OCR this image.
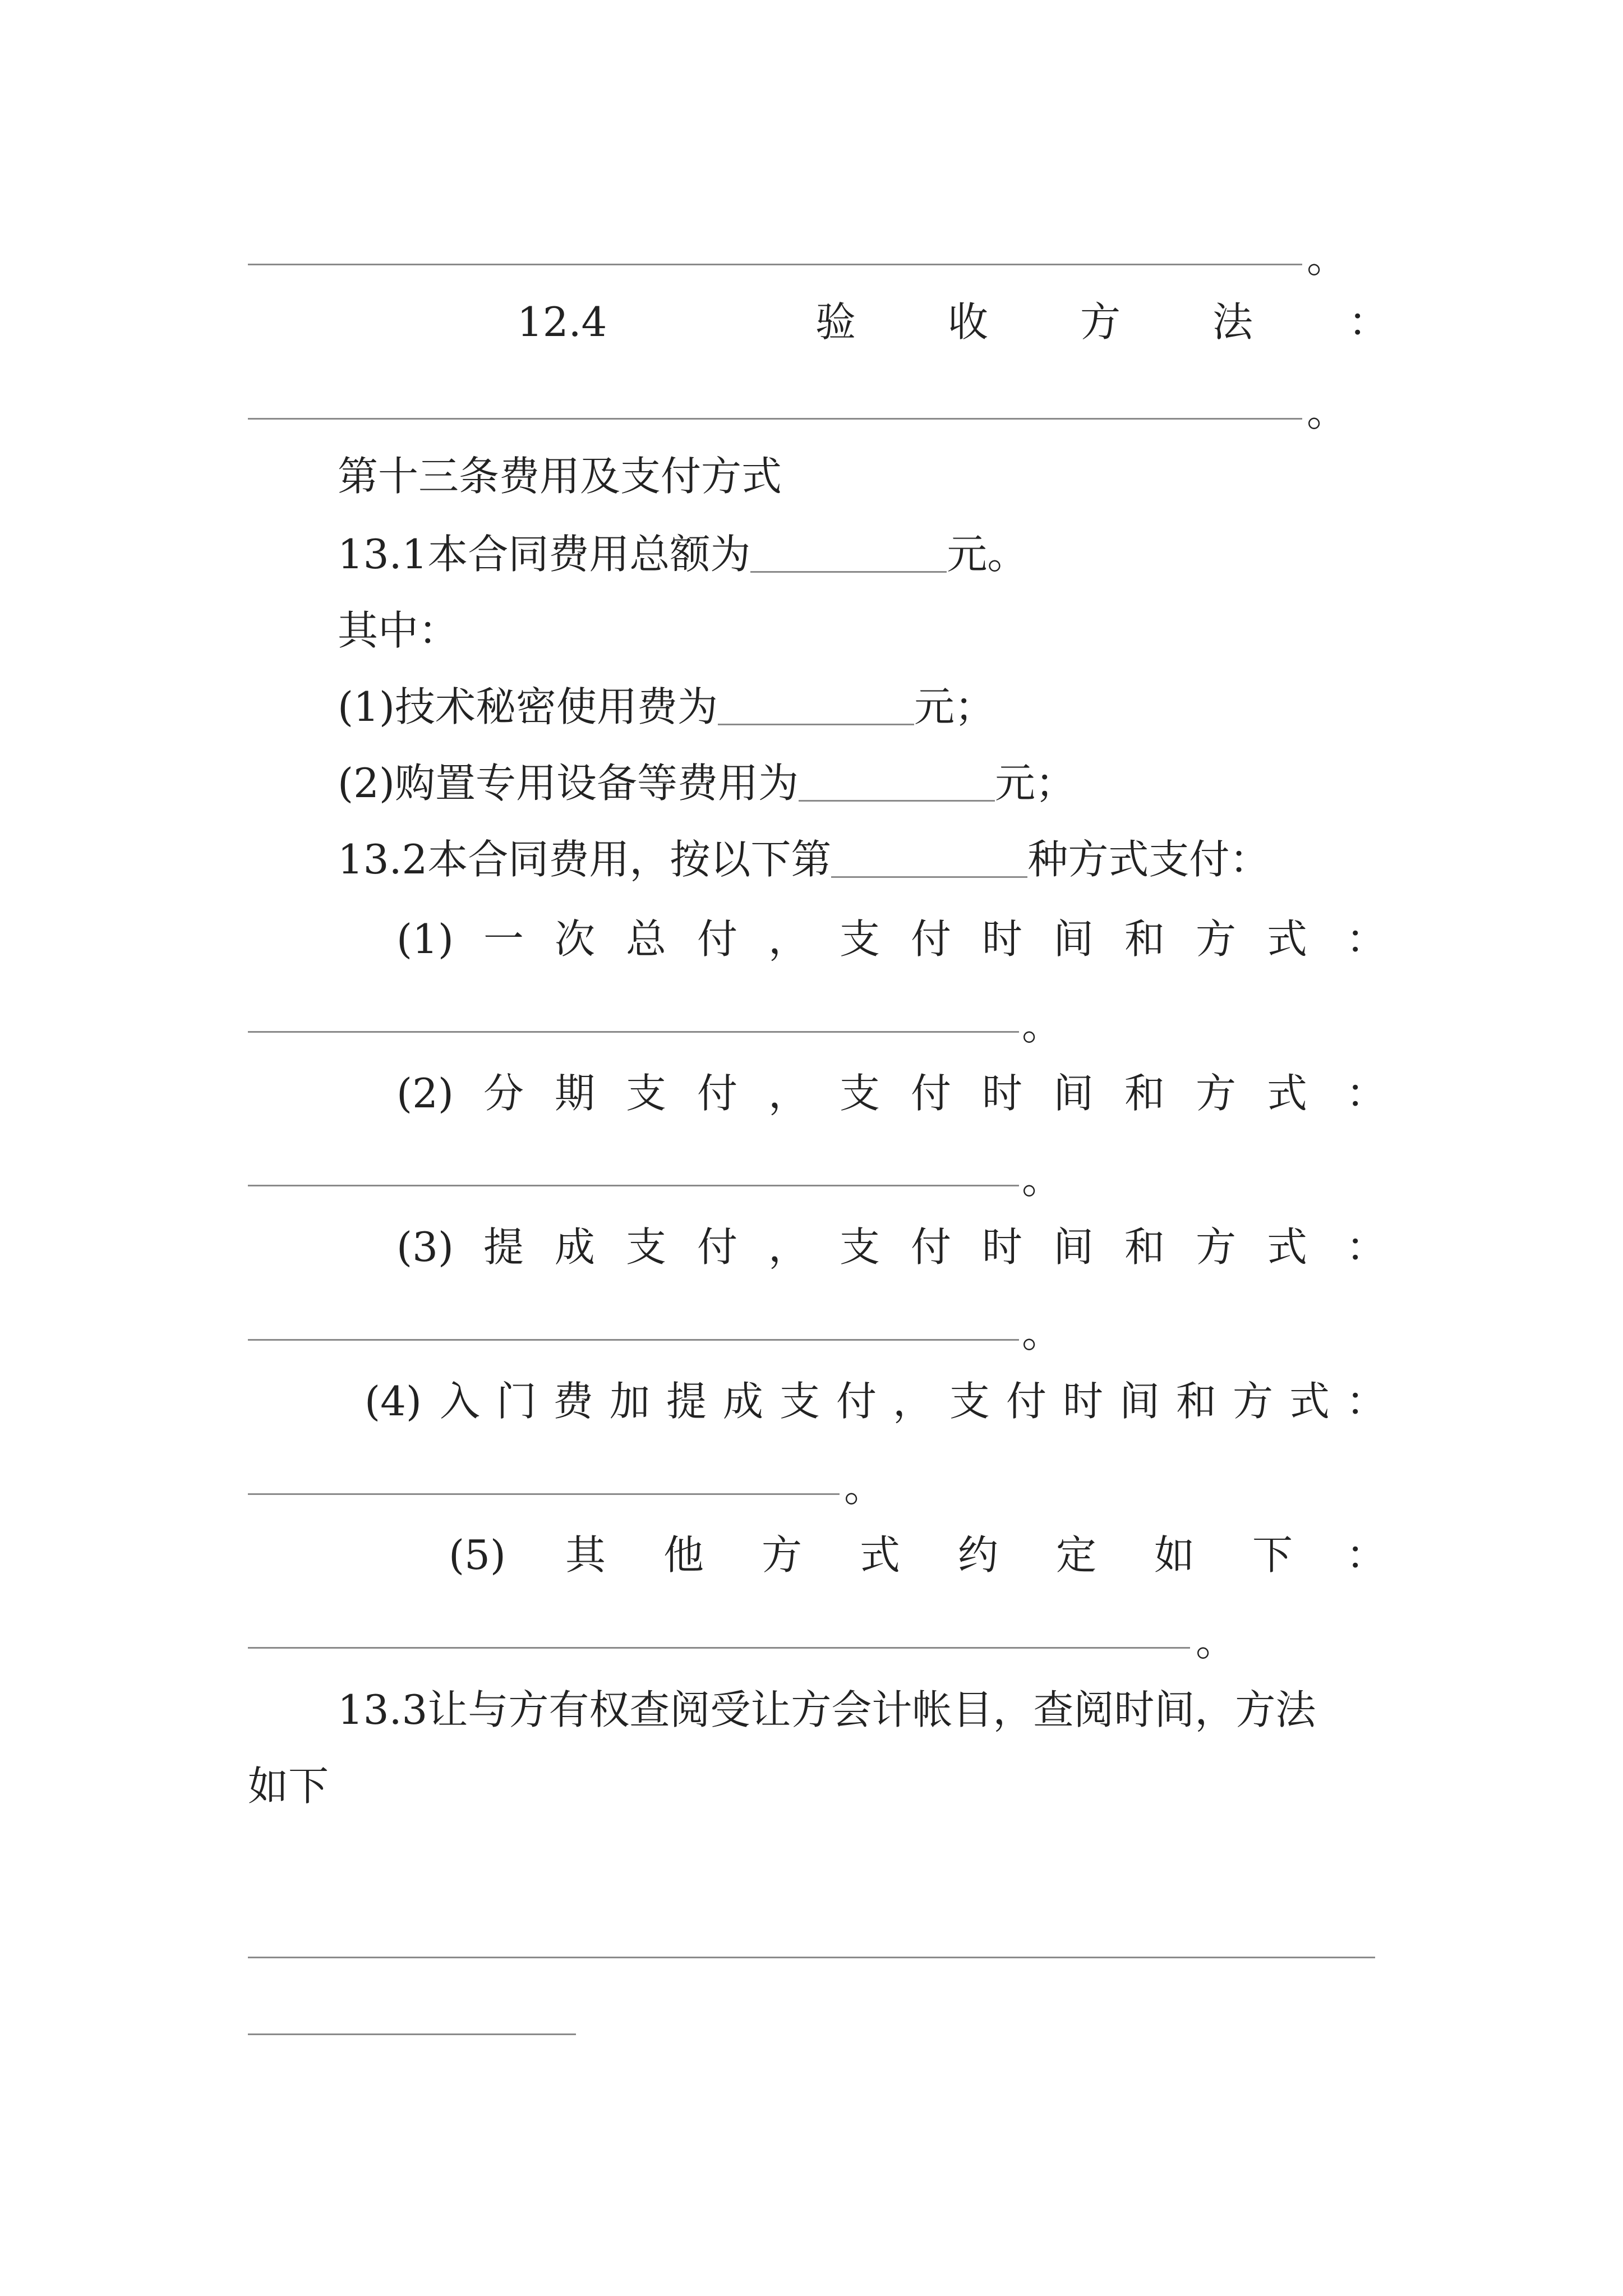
。
12.4	验 收 方 法 ：
。
第十三条费用及支付方式
13.1本合同费用总额为	元。
其中：
(1)技术秘密使用费为	元；
(2)购置专用设备等费用为	元；
13.2本合同费用，按以下第	种方式支付：
(1) 一 次 总 付 ， 支 付 时 间 和 方 式 ：
。
(2) 分 期 支 付 ， 支 付 时 间 和 方 式 ：
。
(3) 提 成 支 付 ， 支 付 时 间 和 方 式 ：
。
(4) 入 门 费 加 提 成 支 付 ， 支 付 时 间 和 方 式 ：
。
(5) 其 他 方 式 约 定 如 下 ：
。
13.3让与方有权查阅受让方会计帐目，查阅时间，方法
如下
